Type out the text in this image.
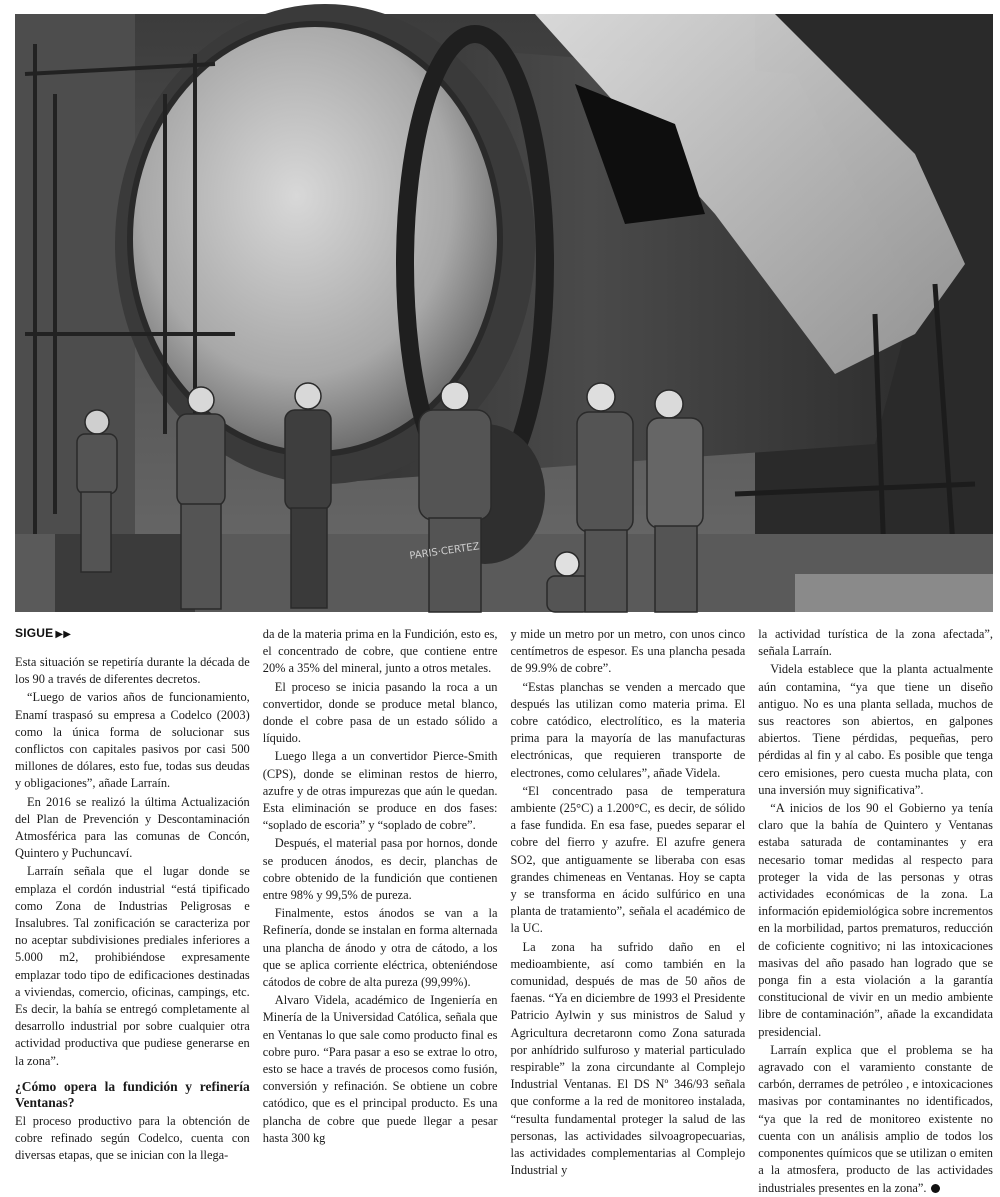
PARIS·CERTEZ
SIGUE ▶▶

Esta situación se repetiría durante la década de los 90 a través de diferentes decretos.

“Luego de varios años de funcionamiento, Enamí traspasó su empresa a Codelco (2003) como la única forma de solucionar sus conflictos con capitales pasivos por casi 500 millones de dólares, esto fue, todas sus deudas y obligaciones”, añade Larraín.

En 2016 se realizó la última Actualización del Plan de Prevención y Descontaminación Atmosférica para las comunas de Concón, Quintero y Puchuncaví.

Larraín señala que el lugar donde se emplaza el cordón industrial “está tipificado como Zona de Industrias Peligrosas e Insalubres. Tal zonificación se caracteriza por no aceptar subdivisiones prediales inferiores a 5.000 m2, prohibiéndose expresamente emplazar todo tipo de edificaciones destinadas a viviendas, comercio, oficinas, campings, etc. Es decir, la bahía se entregó completamente al desarrollo industrial por sobre cualquier otra actividad productiva que pudiese generarse en la zona”.

¿Cómo opera la fundición y refinería Ventanas?

El proceso productivo para la obtención de cobre refinado según Codelco, cuenta con diversas etapas, que se inician con la llega-

da de la materia prima en la Fundición, esto es, el concentrado de cobre, que contiene entre 20% a 35% del mineral, junto a otros metales.

El proceso se inicia pasando la roca a un convertidor, donde se produce metal blanco, donde el cobre pasa de un estado sólido a líquido.

Luego llega a un convertidor Pierce-Smith (CPS), donde se eliminan restos de hierro, azufre y de otras impurezas que aún le quedan. Esta eliminación se produce en dos fases: “soplado de escoria” y “soplado de cobre”.

Después, el material pasa por hornos, donde se producen ánodos, es decir, planchas de cobre obtenido de la fundición que contienen entre 98% y 99,5% de pureza.

Finalmente, estos ánodos se van a la Refinería, donde se instalan en forma alternada una plancha de ánodo y otra de cátodo, a los que se aplica corriente eléctrica, obteniéndose cátodos de cobre de alta pureza (99,99%).

Alvaro Videla, académico de Ingeniería en Minería de la Universidad Católica, señala que en Ventanas lo que sale como producto final es cobre puro. “Para pasar a eso se extrae lo otro, esto se hace a través de procesos como fusión, conversión y refinación. Se obtiene un cobre catódico, que es el principal producto. Es una plancha de cobre que puede llegar a pesar hasta 300 kg

y mide un metro por un metro, con unos cinco centímetros de espesor. Es una plancha pesada de 99.9% de cobre”.

“Estas planchas se venden a mercado que después las utilizan como materia prima. El cobre catódico, electrolítico, es la materia prima para la mayoría de las manufacturas electrónicas, que requieren transporte de electrones, como celulares”, añade Videla.

“El concentrado pasa de temperatura ambiente (25°C) a 1.200°C, es decir, de sólido a fase fundida. En esa fase, puedes separar el cobre del fierro y azufre. El azufre genera SO2, que antiguamente se liberaba con esas grandes chimeneas en Ventanas. Hoy se capta y se transforma en ácido sulfúrico en una planta de tratamiento”, señala el académico de la UC.

La zona ha sufrido daño en el medioambiente, así como también en la comunidad, después de mas de 50 años de faenas. “Ya en diciembre de 1993 el Presidente Patricio Aylwin y sus ministros de Salud y Agricultura decretaronn como Zona saturada por anhídrido sulfuroso y material particulado respirable” la zona circundante al Complejo Industrial Ventanas. El DS Nº 346/93 señala que conforme a la red de monitoreo instalada, “resulta fundamental proteger la salud de las personas, las actividades silvoagropecuarias, las actividades complementarias al Complejo Industrial y

la actividad turística de la zona afectada”, señala Larraín.

Videla establece que la planta actualmente aún contamina, “ya que tiene un diseño antiguo. No es una planta sellada, muchos de sus reactores son abiertos, en galpones abiertos. Tiene pérdidas, pequeñas, pero pérdidas al fin y al cabo. Es posible que tenga cero emisiones, pero cuesta mucha plata, con una inversión muy significativa”.

“A inicios de los 90 el Gobierno ya tenía claro que la bahía de Quintero y Ventanas estaba saturada de contaminantes y era necesario tomar medidas al respecto para proteger la vida de las personas y otras actividades económicas de la zona. La información epidemiológica sobre incrementos en la morbilidad, partos prematuros, reducción de coficiente cognitivo; ni las intoxicaciones masivas del año pasado han logrado que se ponga fin a esta violación a la garantía constitucional de vivir en un medio ambiente libre de contaminación”, añade la excandidata presidencial.

Larraín explica que el problema se ha agravado con el varamiento constante de carbón, derrames de petróleo , e intoxicaciones masivas por contaminantes no identificados, “ya que la red de monitoreo existente no cuenta con un análisis amplio de todos los componentes químicos que se utilizan o emiten a la atmosfera, producto de las actividades industriales presentes en la zona”.
